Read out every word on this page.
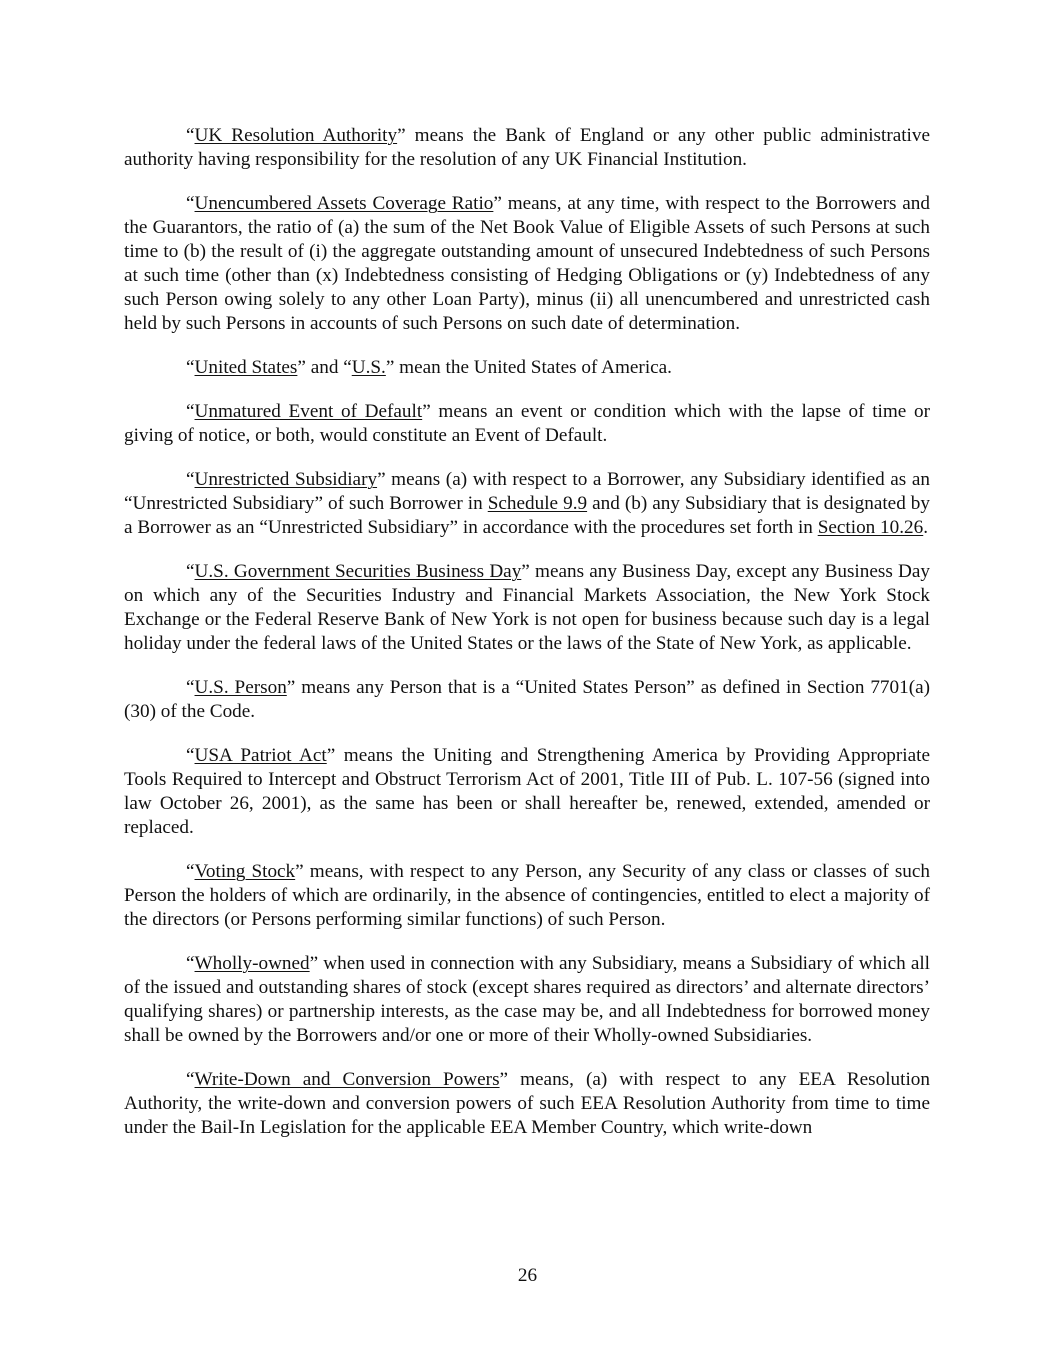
“UK Resolution Authority” means the Bank of England or any other public administrative authority having responsibility for the resolution of any UK Financial Institution.

“Unencumbered Assets Coverage Ratio” means, at any time, with respect to the Borrowers and the Guarantors, the ratio of (a) the sum of the Net Book Value of Eligible Assets of such Persons at such time to (b) the result of (i) the aggregate outstanding amount of unsecured Indebtedness of such Persons at such time (other than (x) Indebtedness consisting of Hedging Obligations or (y) Indebtedness of any such Person owing solely to any other Loan Party), minus (ii) all unencumbered and unrestricted cash held by such Persons in accounts of such Persons on such date of determination.

“United States” and “U.S.” mean the United States of America.

“Unmatured Event of Default” means an event or condition which with the lapse of time or giving of notice, or both, would constitute an Event of Default.

“Unrestricted Subsidiary” means (a) with respect to a Borrower, any Subsidiary identified as an “Unrestricted Subsidiary” of such Borrower in Schedule 9.9 and (b) any Subsidiary that is designated by a Borrower as an “Unrestricted Subsidiary” in accordance with the procedures set forth in Section 10.26.

“U.S. Government Securities Business Day” means any Business Day, except any Business Day on which any of the Securities Industry and Financial Markets Association, the New York Stock Exchange or the Federal Reserve Bank of New York is not open for business because such day is a legal holiday under the federal laws of the United States or the laws of the State of New York, as applicable.

“U.S. Person” means any Person that is a “United States Person” as defined in Section 7701(a)(30) of the Code.

“USA Patriot Act” means the Uniting and Strengthening America by Providing Appropriate Tools Required to Intercept and Obstruct Terrorism Act of 2001, Title III of Pub. L. 107-56 (signed into law October 26, 2001), as the same has been or shall hereafter be, renewed, extended, amended or replaced.

“Voting Stock” means, with respect to any Person, any Security of any class or classes of such Person the holders of which are ordinarily, in the absence of contingencies, entitled to elect a majority of the directors (or Persons performing similar functions) of such Person.

“Wholly-owned” when used in connection with any Subsidiary, means a Subsidiary of which all of the issued and outstanding shares of stock (except shares required as directors’ and alternate directors’ qualifying shares) or partnership interests, as the case may be, and all Indebtedness for borrowed money shall be owned by the Borrowers and/or one or more of their Wholly-owned Subsidiaries.

“Write-Down and Conversion Powers” means, (a) with respect to any EEA Resolution Authority, the write-down and conversion powers of such EEA Resolution Authority from time to time under the Bail-In Legislation for the applicable EEA Member Country, which write-down

26
